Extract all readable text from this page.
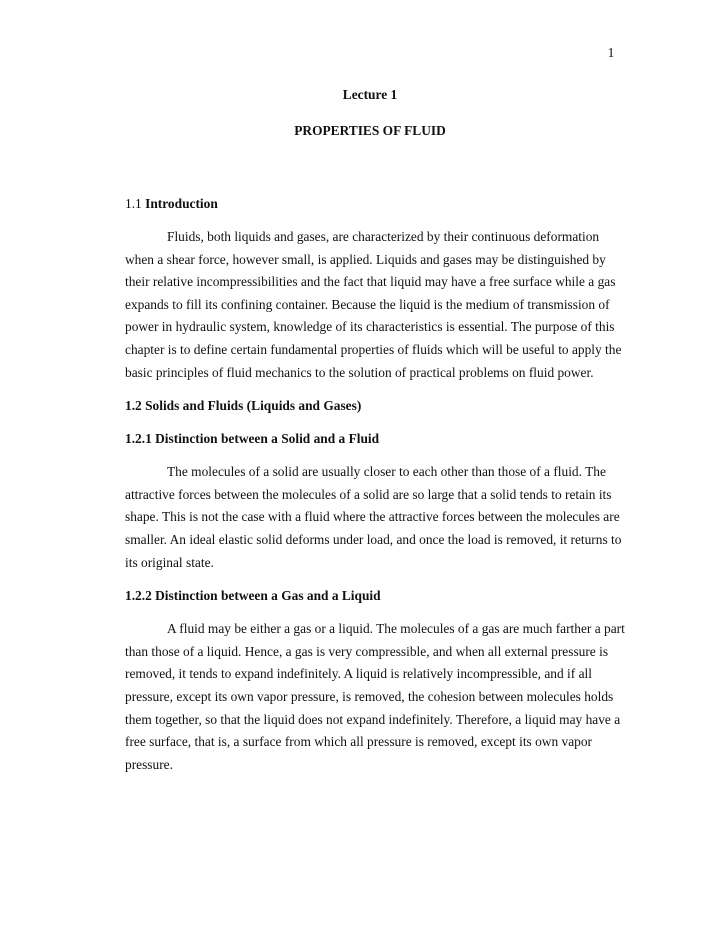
1
Lecture 1
PROPERTIES OF FLUID
1.1 Introduction

Fluids, both liquids and gases, are characterized by their continuous deformation
when a shear force, however small, is applied. Liquids and gases may be distinguished by
their relative incompressibilities and the fact that liquid may have a free surface while a gas
expands to fill its confining container. Because the liquid is the medium of transmission of
power in hydraulic system, knowledge of its characteristics is essential. The purpose of this
chapter is to define certain fundamental properties of fluids which will be useful to apply the
basic principles of fluid mechanics to the solution of practical problems on fluid power.

1.2 Solids and Fluids (Liquids and Gases)
1.2.1 Distinction between a Solid and a Fluid

The molecules of a solid are usually closer to each other than those of a fluid. The
attractive forces between the molecules of a solid are so large that a solid tends to retain its
shape. This is not the case with a fluid where the attractive forces between the molecules are
smaller. An ideal elastic solid deforms under load, and once the load is removed, it returns to
its original state.

1.2.2 Distinction between a Gas and a Liquid

A fluid may be either a gas or a liquid. The molecules of a gas are much farther a part
than those of a liquid. Hence, a gas is very compressible, and when all external pressure is
removed, it tends to expand indefinitely. A liquid is relatively incompressible, and if all
pressure, except its own vapor pressure, is removed, the cohesion between molecules holds
them together, so that the liquid does not expand indefinitely. Therefore, a liquid may have a
free surface, that is, a surface from which all pressure is removed, except its own vapor
pressure.
